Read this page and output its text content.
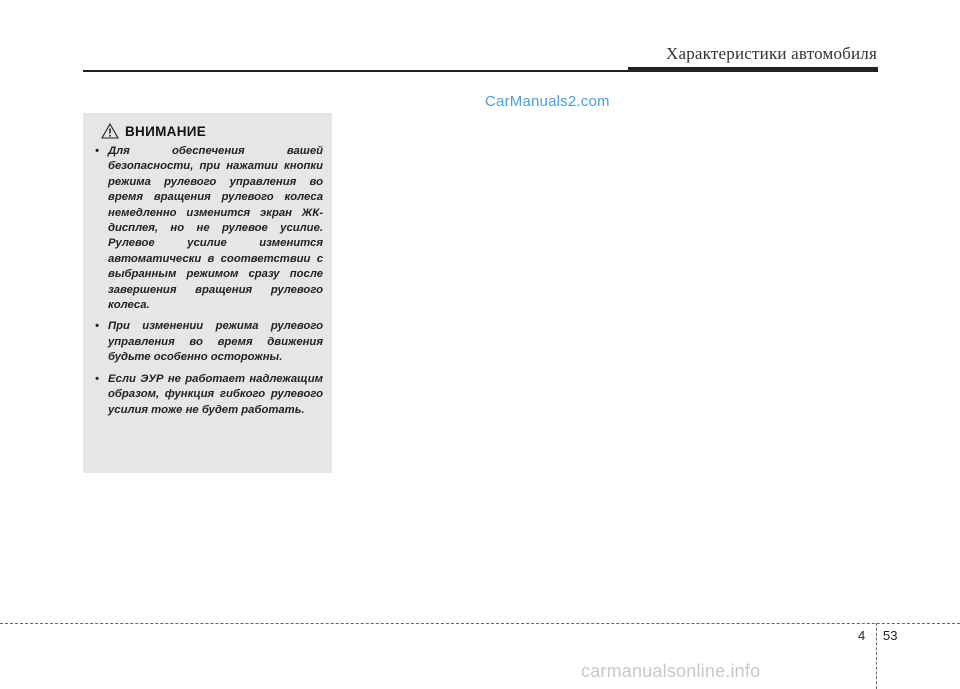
Характеристики автомобиля
CarManuals2.com
ВНИМАНИЕ
• Для обеспечения вашей безопасности, при нажатии кнопки режима рулевого управления во время вращения рулевого колеса немедленно изменится экран ЖК-дисплея, но не рулевое усилие. Рулевое усилие изменится автоматически в соответствии с выбранным режимом сразу после завершения вращения рулевого колеса.
• При изменении режима рулевого управления во время движения будьте особенно осторожны.
• Если ЭУР не работает надлежащим образом, функция гибкого рулевого усилия тоже не будет работать.
4 53
carmanualsonline.info
